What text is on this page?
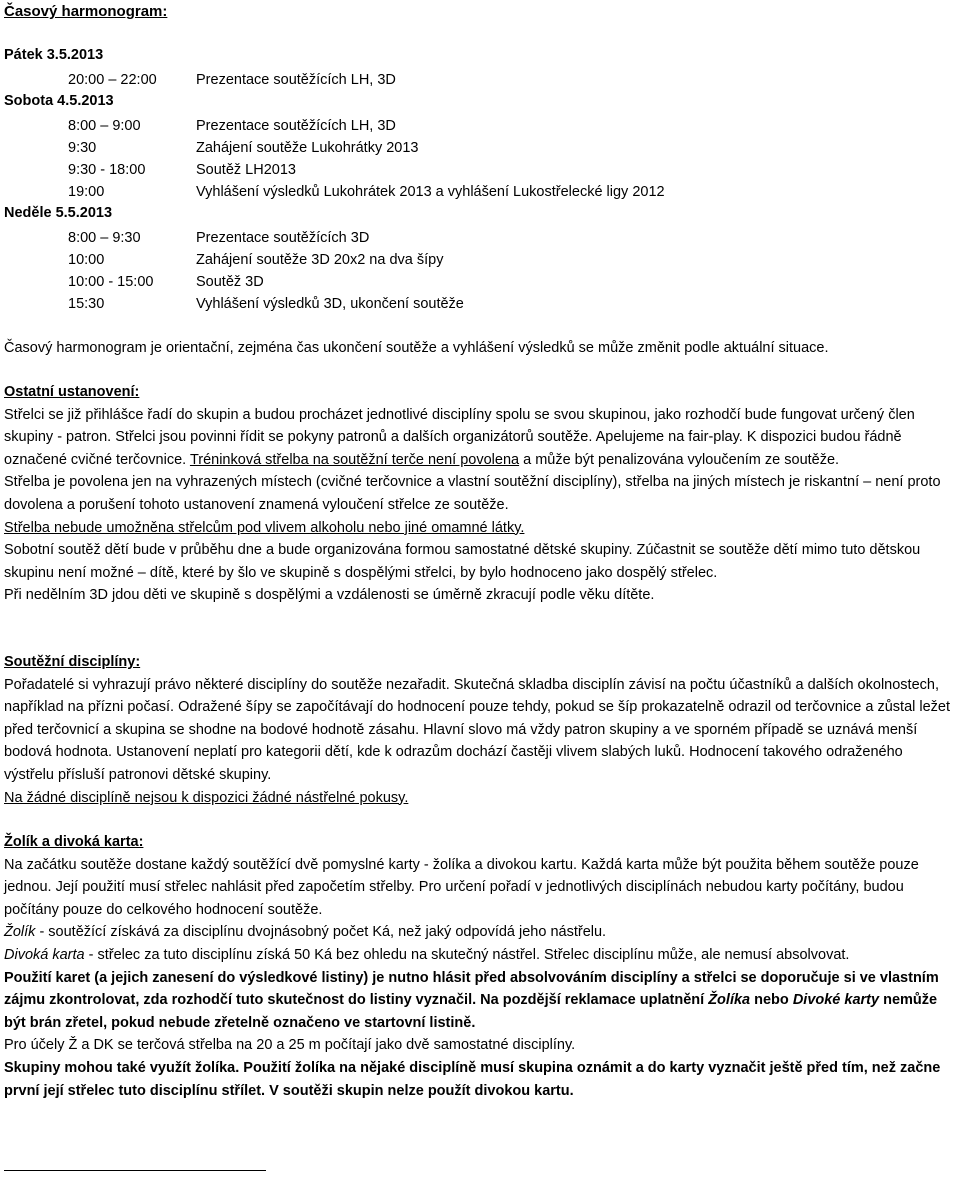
Časový harmonogram:
Pátek 3.5.2013
20:00 – 22:00	Prezentace soutěžících LH, 3D
Sobota 4.5.2013
8:00 – 9:00	Prezentace soutěžících LH, 3D
9:30	Zahájení soutěže Lukohrátky 2013
9:30 - 18:00	Soutěž LH2013
19:00	Vyhlášení výsledků Lukohrátek 2013 a vyhlášení Lukostřelecké ligy 2012
Neděle 5.5.2013
8:00 – 9:30	Prezentace soutěžících 3D
10:00	Zahájení soutěže 3D 20x2 na dva šípy
10:00 - 15:00	Soutěž 3D
15:30	Vyhlášení výsledků 3D, ukončení soutěže

Časový harmonogram je orientační, zejména čas ukončení soutěže a vyhlášení výsledků se může změnit podle aktuální situace.

Ostatní ustanovení:

Střelci se již přihlášce řadí do skupin a budou procházet jednotlivé disciplíny spolu se svou skupinou, jako rozhodčí bude fungovat určený člen skupiny - patron. Střelci jsou povinni řídit se pokyny patronů a dalších organizátorů soutěže. Apelujeme na fair-play. K dispozici budou řádně označené cvičné terčovnice. Tréninková střelba na soutěžní terče není povolena a může být penalizována vyloučením ze soutěže.

Střelba je povolena jen na vyhrazených místech (cvičné terčovnice a vlastní soutěžní disciplíny), střelba na jiných místech je riskantní – není proto dovolena a porušení tohoto ustanovení znamená vyloučení střelce ze soutěže.

Střelba nebude umožněna střelcům pod vlivem alkoholu nebo jiné omamné látky.

Sobotní soutěž dětí bude v průběhu dne a bude organizována formou samostatné dětské skupiny. Zúčastnit se soutěže dětí mimo tuto dětskou skupinu není možné – dítě, které by šlo ve skupině s dospělými střelci, by bylo hodnoceno jako dospělý střelec.

Při nedělním 3D jdou děti ve skupině s dospělými a vzdálenosti se úměrně zkracují podle věku dítěte.

Soutěžní disciplíny:

Pořadatelé si vyhrazují právo některé disciplíny do soutěže nezařadit. Skutečná skladba disciplín závisí na počtu účastníků a dalších okolnostech, například na přízni počasí. Odražené šípy se započítávají do hodnocení pouze tehdy, pokud se šíp prokazatelně odrazil od terčovnice a zůstal ležet před terčovnicí a skupina se shodne na bodové hodnotě zásahu. Hlavní slovo má vždy patron skupiny a ve sporném případě se uznává menší bodová hodnota. Ustanovení neplatí pro kategorii dětí, kde k odrazům dochází častěji vlivem slabých luků. Hodnocení takového odraženého výstřelu přísluší patronovi dětské skupiny.

Na žádné disciplíně nejsou k dispozici žádné nástřelné pokusy.

Žolík a divoká karta:

Na začátku soutěže dostane každý soutěžící dvě pomyslné karty - žolíka a divokou kartu. Každá karta může být použita během soutěže pouze jednou. Její použití musí střelec nahlásit před započetím střelby. Pro určení pořadí v jednotlivých disciplínách nebudou karty počítány, budou počítány pouze do celkového hodnocení soutěže.

Žolík - soutěžící získává za disciplínu dvojnásobný počet Ká, než jaký odpovídá jeho nástřelu.

Divoká karta - střelec za tuto disciplínu získá 50 Ká bez ohledu na skutečný nástřel. Střelec disciplínu může, ale nemusí absolvovat.

Použití karet (a jejich zanesení do výsledkové listiny) je nutno hlásit před absolvováním disciplíny a střelci se doporučuje si ve vlastním zájmu zkontrolovat, zda rozhodčí tuto skutečnost do listiny vyznačil. Na pozdější reklamace uplatnění Žolíka nebo Divoké karty nemůže být brán zřetel, pokud nebude zřetelně označeno ve startovní listině.

Pro účely Ž a DK se terčová střelba na 20 a 25 m počítají jako dvě samostatné disciplíny.

Skupiny mohou také využít žolíka. Použití žolíka na nějaké disciplíně musí skupina oznámit a do karty vyznačit ještě před tím, než začne první její střelec tuto disciplínu střílet. V soutěži skupin nelze použít divokou kartu.
